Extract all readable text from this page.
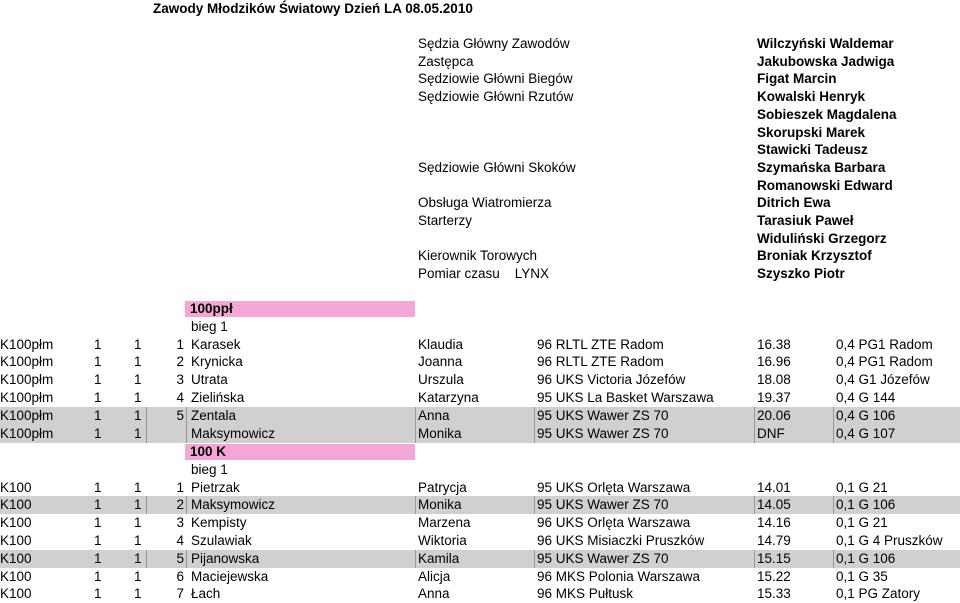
Zawody Młodzików Światowy Dzień LA 08.05.2010
Sędzia Główny Zawodów	Wilczyński Waldemar
Zastępca	Jakubowska Jadwiga
Sędziowie Główni Biegów	Figat Marcin
Sędziowie Główni Rzutów	Kowalski Henryk
Sobieszek Magdalena
Skorupski Marek
Stawicki Tadeusz
Sędziowie Główni Skoków	Szymańska Barbara
Romanowski Edward
Obsługa Wiatromierza	Ditrich Ewa
Starterzy	Tarasiuk Paweł
Widuliński Grzegorz
Kierownik Torowych	Broniak Krzysztof
Pomiar czasu    LYNX	Szyszko Piotr
100ppł
bieg 1
K100płm	1 1	1 Karasek	Klaudia	96 RLTL ZTE Radom	16.38	0,4 PG1 Radom
K100płm	1 1	2 Krynicka	Joanna	96 RLTL ZTE Radom	16.96	0,4 PG1 Radom
K100płm	1 1	3 Utrata	Urszula	96 UKS Victoria Józefów	18.08	0,4 G1 Józefów
K100płm	1 1	4 Zielińska	Katarzyna	95 UKS La Basket Warszawa	19.37	0,4 G 144
K100płm	1 1	5 Zentala	Anna	95 UKS Wawer ZS 70	20.06	0,4 G 106
K100płm	1 1	Maksymowicz	Monika	95 UKS Wawer ZS 70	DNF	0,4 G 107
100 K
bieg 1
K100	1 1	1 Pietrzak	Patrycja	95 UKS Orlęta Warszawa	14.01	0,1 G 21
K100	1 1	2 Maksymowicz	Monika	95 UKS Wawer ZS 70	14.05	0,1 G 106
K100	1 1	3 Kempisty	Marzena	96 UKS Orlęta Warszawa	14.16	0,1 G 21
K100	1 1	4 Szulawiak	Wiktoria	96 UKS Misiaczki Pruszków	14.79	0,1 G 4 Pruszków
K100	1 1	5 Pijanowska	Kamila	95 UKS Wawer ZS 70	15.15	0,1 G 106
K100	1 1	6 Maciejewska	Alicja	96 MKS Polonia Warszawa	15.22	0,1 G 35
K100	1 1	7 Łach	Anna	96 MKS Pułtusk	15.33	0,1 PG Zatory
